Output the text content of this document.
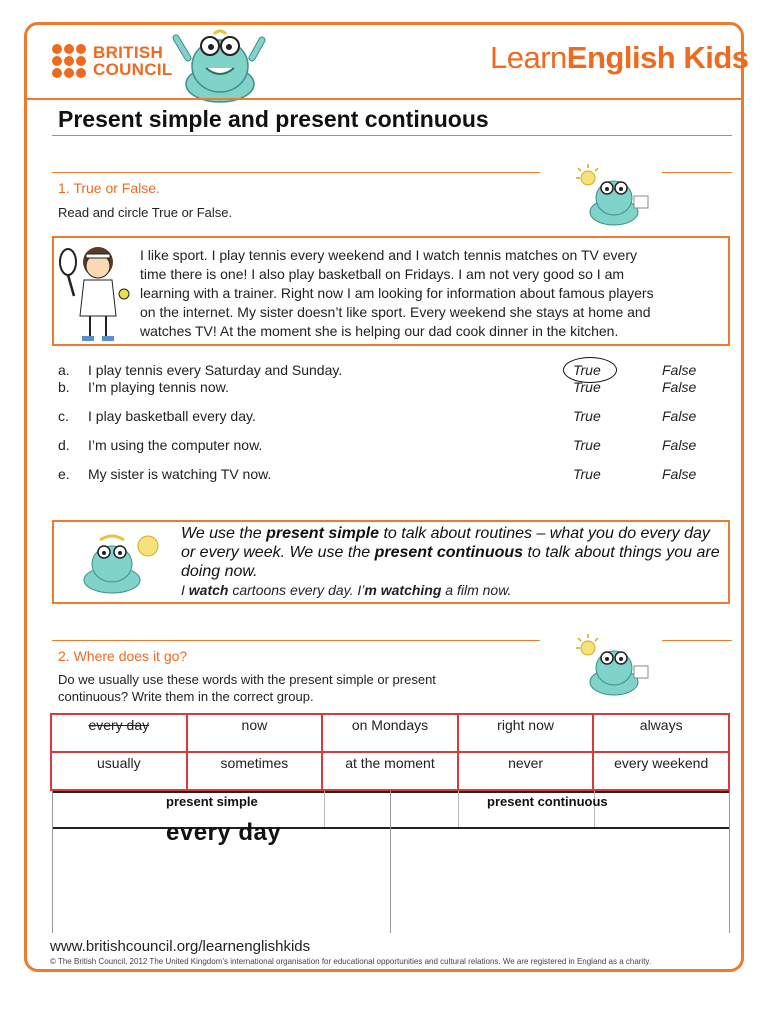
BRITISH
COUNCIL	LearnEnglish Kids
Present simple and present continuous
1. True or False.
Read and circle True or False.
I like sport. I play tennis every weekend and I watch tennis matches on TV every
time there is one! I also play basketball on Fridays. I am not very good so I am
learning with a trainer. Right now I am looking for information about famous players
on the internet. My sister doesn’t like sport. Every weekend she stays at home and
watches TV! At the moment she is helping our dad cook dinner in the kitchen.
a. I play tennis every Saturday and Sunday.	True	False
b. I’m playing tennis now.	True	False
c. I play basketball every day.	True	False
d. I’m using the computer now.	True	False
e. My sister is watching TV now.	True	False
We use the present simple to talk about routines – what you do every day or every week. We use the present continuous to talk about things you are doing now.
I watch cartoons every day. I’m watching a film now.
2. Where does it go?
Do we usually use these words with the present simple or present
continuous? Write them in the correct group.
every day	now	on Mondays	right now	always
usually	sometimes	at the moment	never	every weekend
present simple	present continuous
every day
www.britishcouncil.org/learnenglishkids
© The British Council, 2012 The United Kingdom’s international organisation for educational opportunities and cultural relations. We are registered in England as a charity.
